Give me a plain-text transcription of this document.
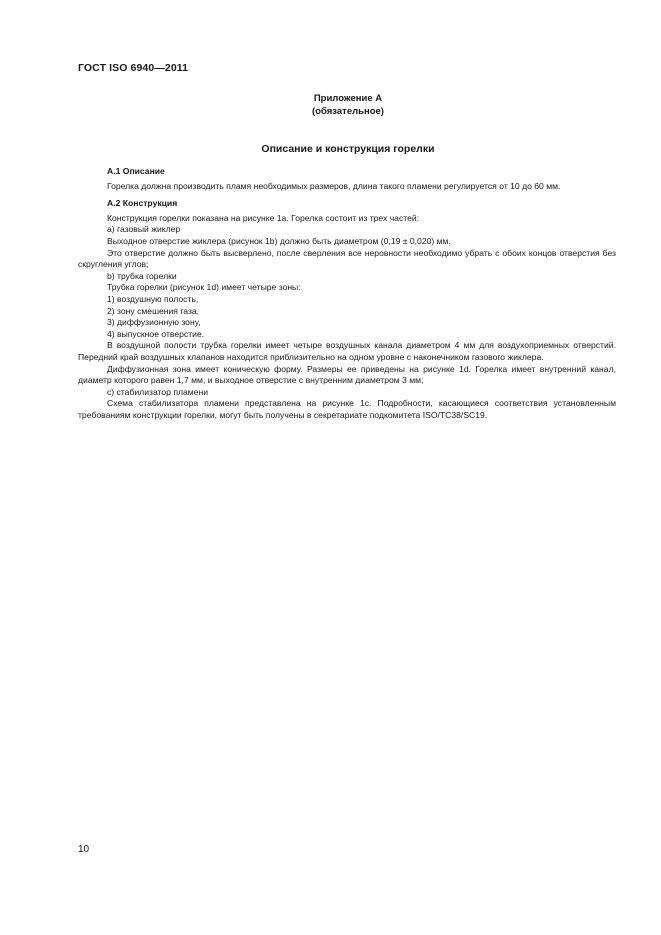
ГОСТ ISO 6940—2011
Приложение А
(обязательное)
Описание и конструкция горелки

А.1 Описание

Горелка должна производить пламя необходимых размеров, длина такого пламени регулируется от 10 до 60 мм.

А.2 Конструкция

Конструкция горелки показана на рисунке 1а. Горелка состоит из трех частей:

а) газовый жиклер

Выходное отверстие жиклера (рисунок 1b) должно быть диаметром (0,19 ± 0,020) мм.

Это отверстие должно быть высверлено, после сверления все неровности необходимо убрать с обоих концов отверстия без скругления углов;

b) трубка горелки

Трубка горелки (рисунок 1d) имеет четыре зоны:

1) воздушную полость,

2) зону смешения газа,

3) диффузионную зону,

4) выпускное отверстие.

В воздушной полости трубка горелки имеет четыре воздушных канала диаметром 4 мм для воздухоприемных отверстий. Передний край воздушных клапанов находится приблизительно на одном уровне с наконечником газового жиклера.

Диффузионная зона имеет коническую форму. Размеры ее приведены на рисунке 1d. Горелка имеет внутренний канал, диаметр которого равен 1,7 мм, и выходное отверстие с внутренним диаметром 3 мм;

с) стабилизатор пламени

Схема стабилизатора пламени представлена на рисунке 1с. Подробности, касающиеся соответствия установленным требованиям конструкции горелки, могут быть получены в секретариате подкомитета ISO/TC38/SC19.

10
